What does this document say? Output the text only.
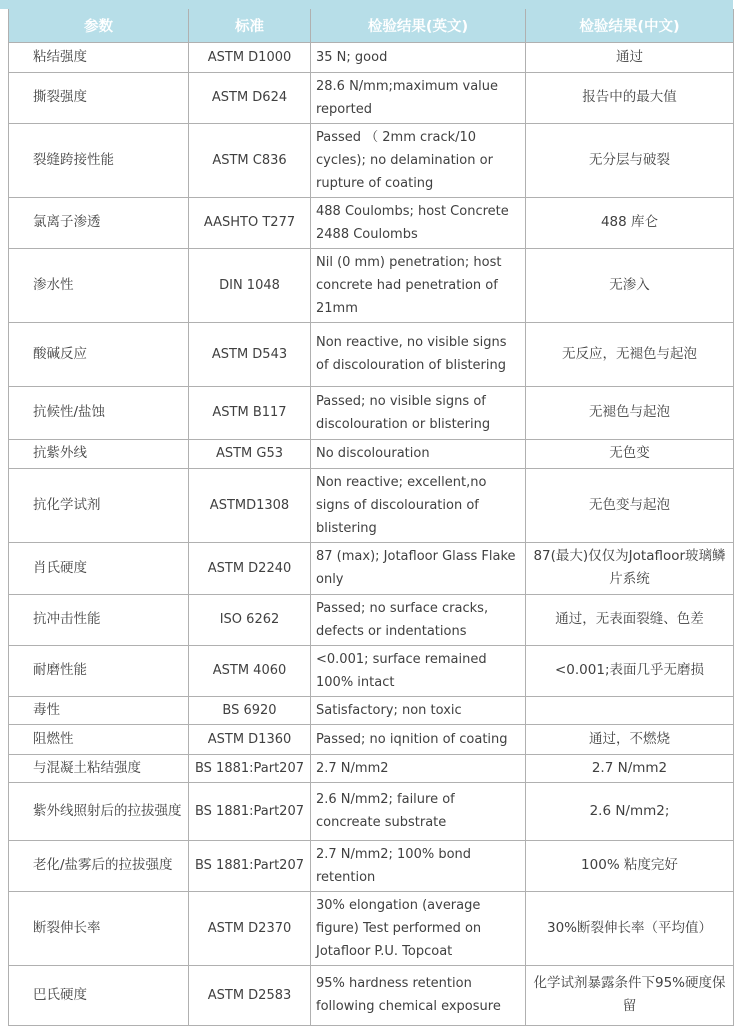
参数	标准	检验结果(英文)	检验结果(中文)
粘结强度	ASTM D1000	35 N; good	通过
撕裂强度	ASTM D624	28.6 N/mm;maximum value reported	报告中的最大值
裂缝跨接性能	ASTM C836	Passed （ 2mm crack/10 cycles); no delamination or rupture of coating	无分层与破裂
氯离子渗透	AASHTO T277	488 Coulombs; host Concrete 2488 Coulombs	488 库仑
渗水性	DIN 1048	Nil (0 mm) penetration; host concrete had penetration of 21mm	无渗入
酸碱反应	ASTM D543	Non reactive, no visible signs of discolouration of blistering	无反应，无褪色与起泡
抗候性/盐蚀	ASTM B117	Passed; no visible signs of discolouration or blistering	无褪色与起泡
抗紫外线	ASTM G53	No discolouration	无色变
抗化学试剂	ASTMD1308	Non reactive; excellent,no signs of discolouration of blistering	无色变与起泡
肖氏硬度	ASTM D2240	87 (max); Jotafloor Glass Flake only	87(最大)仅仅为Jotafloor玻璃鳞片系统
抗冲击性能	ISO 6262	Passed; no surface cracks, defects or indentations	通过，无表面裂缝、色差
耐磨性能	ASTM 4060	<0.001; surface remained 100% intact	<0.001;表面几乎无磨损
毒性	BS 6920	Satisfactory; non toxic	
阻燃性	ASTM D1360	Passed; no iqnition of coating	通过，不燃烧
与混凝土粘结强度	BS 1881:Part207	2.7 N/mm2	2.7 N/mm2
紫外线照射后的拉拔强度	BS 1881:Part207	2.6 N/mm2; failure of concreate substrate	2.6 N/mm2;
老化/盐雾后的拉拔强度	BS 1881:Part207	2.7 N/mm2; 100% bond retention	100% 粘度完好
断裂伸长率	ASTM D2370	30% elongation (average figure) Test performed on Jotafloor P.U. Topcoat	30%断裂伸长率（平均值）
巴氏硬度	ASTM D2583	95% hardness retention following chemical exposure	化学试剂暴露条件下95%硬度保留
